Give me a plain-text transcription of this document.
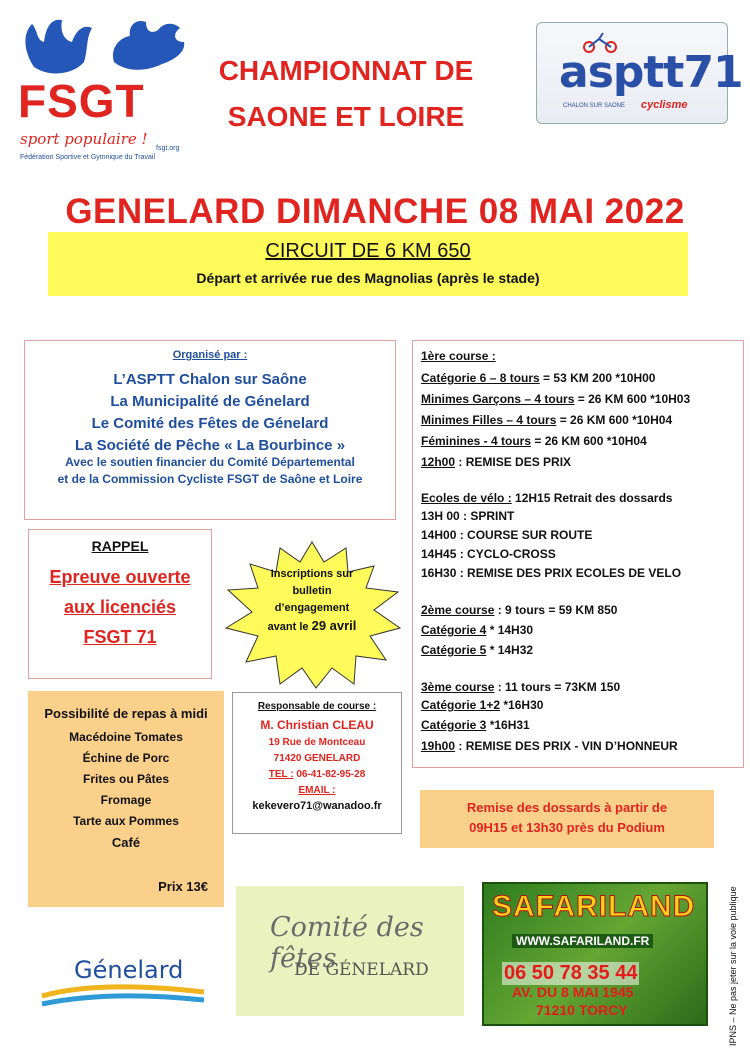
FSGT
sport populaire !
fsgt.org
Fédération Sportive et Gymnique du Travail
CHAMPIONNAT DE
SAONE ET LOIRE
asptt71
CHALON SUR SAONE cyclisme
GENELARD DIMANCHE 08 MAI 2022
CIRCUIT DE 6 KM 650
Départ et arrivée rue des Magnolias (après le stade)
Organisé par :
L’ASPTT Chalon sur Saône
La Municipalité de Génelard
Le Comité des Fêtes de Génelard
La Société de Pêche « La Bourbince »
Avec le soutien financier du Comité Départemental
et de la Commission Cycliste FSGT de Saône et Loire
1ère course :
Catégorie 6 – 8 tours = 53 KM 200 *10H00
Minimes Garçons – 4 tours = 26 KM 600 *10H03
Minimes Filles – 4 tours = 26 KM 600 *10H04
Féminines - 4 tours = 26 KM 600 *10H04
12h00 : REMISE DES PRIX
Ecoles de vélo : 12H15 Retrait des dossards
13H 00 : SPRINT
14H00 : COURSE SUR ROUTE
14H45 : CYCLO-CROSS
16H30 : REMISE DES PRIX ECOLES DE VELO
2ème course : 9 tours = 59 KM 850
Catégorie 4 * 14H30
Catégorie 5 * 14H32
3ème course : 11 tours = 73KM 150
Catégorie 1+2 *16H30
Catégorie 3 *16H31
19h00 : REMISE DES PRIX - VIN D’HONNEUR
RAPPEL
Epreuve ouverte
aux licenciés
FSGT 71
Inscriptions sur
bulletin
d’engagement
avant le 29 avril
Possibilité de repas à midi
Macédoine Tomates
Échine de Porc
Frites ou Pâtes
Fromage
Tarte aux Pommes
Café
Prix 13€
Responsable de course :
M. Christian CLEAU
19 Rue de Montceau
71420 GENELARD
TEL : 06-41-82-95-28
EMAIL :
kekevero71@wanadoo.fr	Remise des dossards à partir de
09H15 et 13h30 près du Podium
IPNS – Ne pas jeter sur la voie publique
Génelard
Comité des fêtes
DE GÉNELARD
SAFARILAND
WWW.SAFARILAND.FR
06 50 78 35 44
AV. DU 8 MAI 1945
71210 TORCY
